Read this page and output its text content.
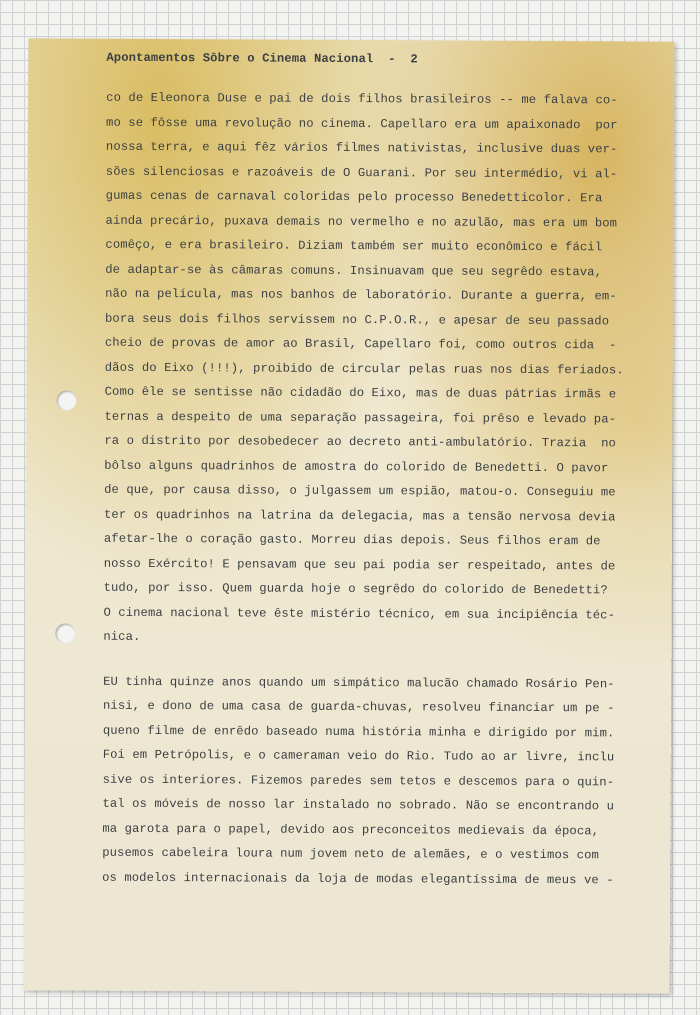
Apontamentos Sôbre o Cinema Nacional  -  2
co de Eleonora Duse e pai de dois filhos brasileiros -- me falava co-
mo se fôsse uma revolução no cinema. Capellaro era um apaixonado  por
nossa terra, e aqui fêz vários filmes nativistas, inclusive duas ver-
sões silenciosas e razoáveis de O Guarani. Por seu intermédio, vi al-
gumas cenas de carnaval coloridas pelo processo Benedetticolor. Era
ainda precário, puxava demais no vermelho e no azulão, mas era um bom
comêço, e era brasileiro. Diziam também ser muito econômico e fácil
de adaptar-se às câmaras comuns. Insinuavam que seu segrêdo estava,
não na película, mas nos banhos de laboratório. Durante a guerra, em-
bora seus dois filhos servissem no C.P.O.R., e apesar de seu passado
cheio de provas de amor ao Brasil, Capellaro foi, como outros cida  -
dãos do Eixo (!!!), proibido de circular pelas ruas nos dias feriados.
Como êle se sentisse não cidadão do Eixo, mas de duas pátrias irmãs e
ternas a despeito de uma separação passageira, foi prêso e levado pa-
ra o distrito por desobedecer ao decreto anti-ambulatório. Trazia  no
bôlso alguns quadrinhos de amostra do colorido de Benedetti. O pavor
de que, por causa disso, o julgassem um espião, matou-o. Conseguiu me
ter os quadrinhos na latrina da delegacia, mas a tensão nervosa devia
afetar-lhe o coração gasto. Morreu dias depois. Seus filhos eram de
nosso Exército! E pensavam que seu pai podia ser respeitado, antes de
tudo, por isso. Quem guarda hoje o segrêdo do colorido de Benedetti?
O cinema nacional teve êste mistério técnico, em sua incipiência téc-
nica.
EU tinha quinze anos quando um simpático malucão chamado Rosário Pen-
nisi, e dono de uma casa de guarda-chuvas, resolveu financiar um pe -
queno filme de enrêdo baseado numa história minha e dirigido por mim.
Foi em Petrópolis, e o cameraman veio do Rio. Tudo ao ar livre, inclu
sive os interiores. Fizemos paredes sem tetos e descemos para o quin-
tal os móveis de nosso lar instalado no sobrado. Não se encontrando u
ma garota para o papel, devido aos preconceitos medievais da época,
pusemos cabeleira loura num jovem neto de alemães, e o vestimos com
os modelos internacionais da loja de modas elegantíssima de meus ve -
